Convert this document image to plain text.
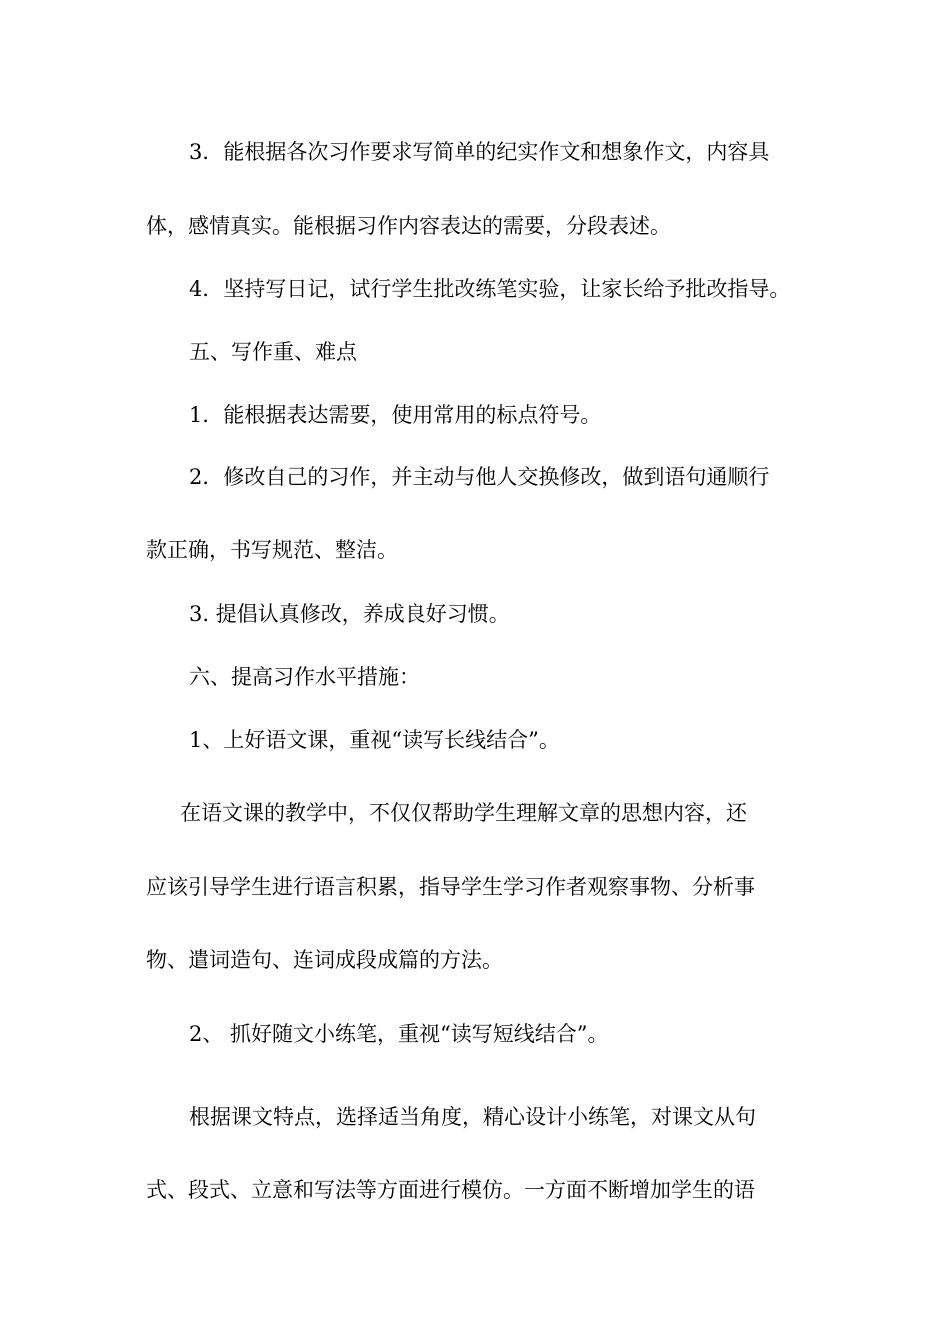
3．能根据各次习作要求写简单的纪实作文和想象作文，内容具
体，感情真实。能根据习作内容表达的需要，分段表述。
4．坚持写日记，试行学生批改练笔实验，让家长给予批改指导。
五、写作重、难点
1．能根据表达需要，使用常用的标点符号。
2．修改自己的习作，并主动与他人交换修改，做到语句通顺行
款正确，书写规范、整洁。
3. 提倡认真修改，养成良好习惯。
六、提高习作水平措施：
1、上好语文课，重视“读写长线结合”。
在语文课的教学中，不仅仅帮助学生理解文章的思想内容，还
应该引导学生进行语言积累，指导学生学习作者观察事物、分析事
物、遣词造句、连词成段成篇的方法。
2、 抓好随文小练笔，重视“读写短线结合”。
根据课文特点，选择适当角度，精心设计小练笔，对课文从句
式、段式、立意和写法等方面进行模仿。一方面不断增加学生的语
